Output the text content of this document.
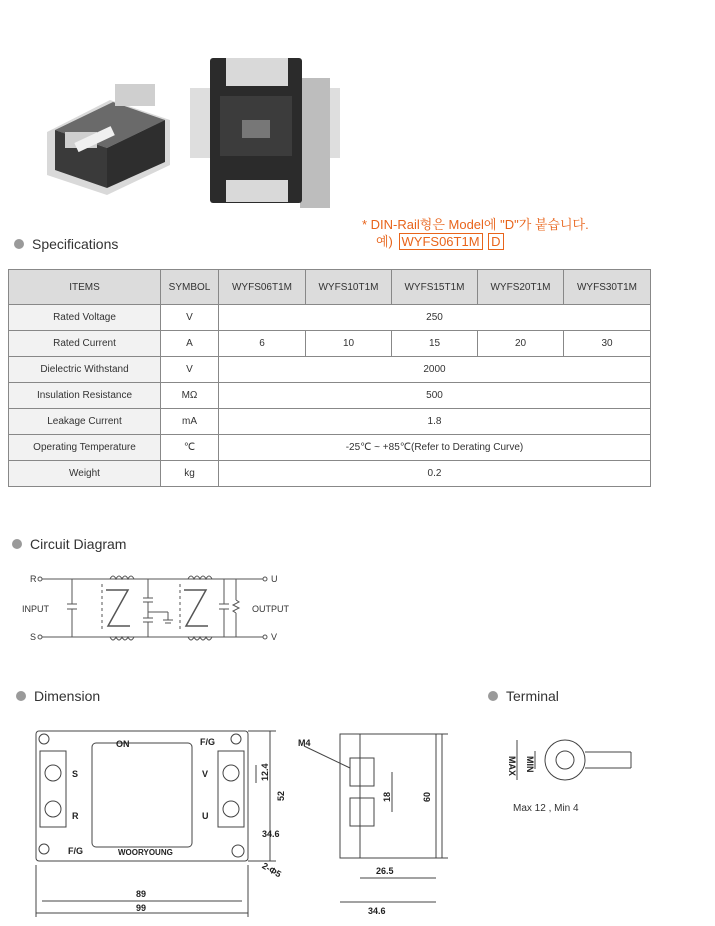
* DIN-Rail형은 Model에 "D"가 붙습니다.
예) WYFS06T1M D
Specifications
ITEMS	SYMBOL	WYFS06T1M	WYFS10T1M	WYFS15T1M	WYFS20T1M	WYFS30T1M
Rated Voltage	V	250				
Rated Current	A	6	10	15	20	30
Dielectric Withstand	V	2000				
Insulation Resistance	MΩ	500				
Leakage Current	mA	1.8				
Operating Temperature	℃	-25℃ ~ +85℃(Refer to Derating Curve)				
Weight	kg	0.2				
Circuit Diagram
R
S
INPUT
U
V
OUTPUT
Dimension	Terminal
ON	F/G
F/G
S
R
V
U
WOORYOUNG
12.4
52
34.6
2-Φ5
89
99
M4
18	60
26.5
34.6
MAX MIN
Max 12 , Min 4
